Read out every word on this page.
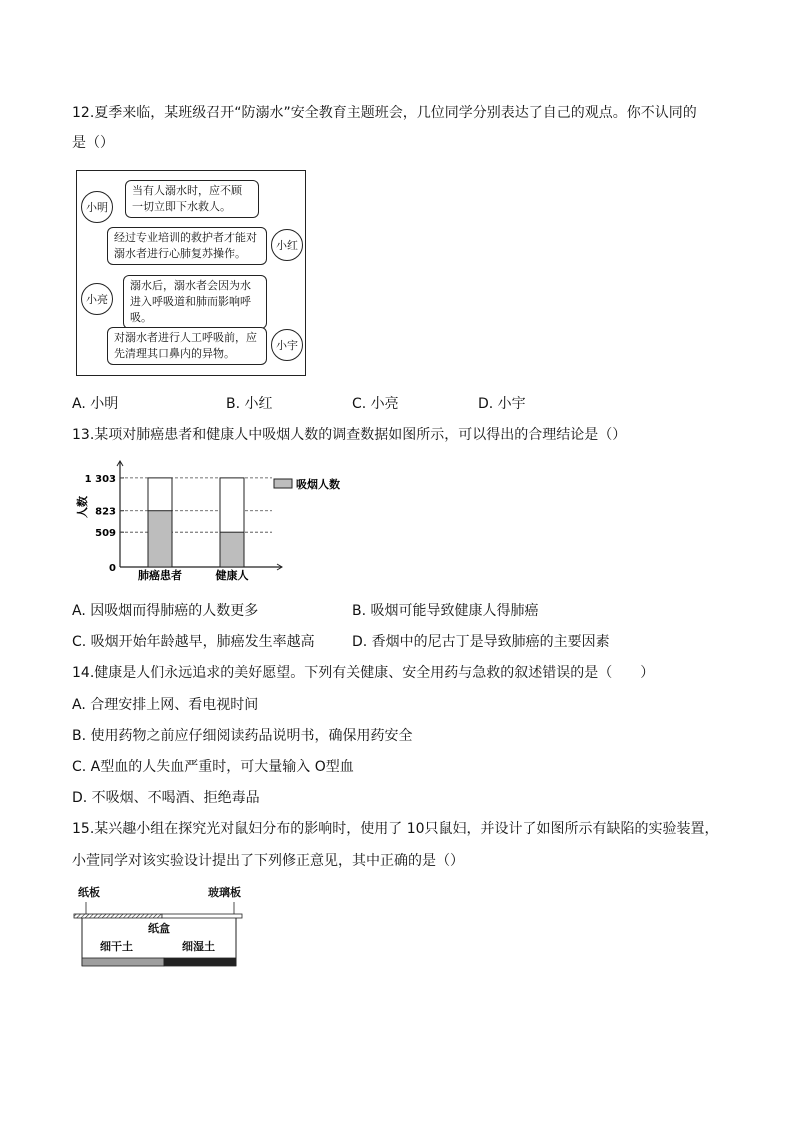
12.夏季来临，某班级召开“防溺水”安全教育主题班会，几位同学分别表达了自己的观点。你不认同的
是（）
小明
当有人溺水时，应不顾一切立即下水救人。
小红
经过专业培训的救护者才能对溺水者进行心肺复苏操作。
小亮
溺水后，溺水者会因为水进入呼吸道和肺而影响呼吸。
小宇
对溺水者进行人工呼吸前，应先清理其口鼻内的异物。
A. 小明	B. 小红	C. 小亮	D. 小宇
13.某项对肺癌患者和健康人中吸烟人数的调查数据如图所示，可以得出的合理结论是（）
人数
0
509
823
1 303
肺癌患者	健康人
吸烟人数
A. 因吸烟而得肺癌的人数更多	B. 吸烟可能导致健康人得肺癌
C. 吸烟开始年龄越早，肺癌发生率越高	D. 香烟中的尼古丁是导致肺癌的主要因素
14.健康是人们永远追求的美好愿望。下列有关健康、安全用药与急救的叙述错误的是（　　）
A. 合理安排上网、看电视时间
B. 使用药物之前应仔细阅读药品说明书，确保用药安全
C. A型血的人失血严重时，可大量输入 O型血
D. 不吸烟、不喝酒、拒绝毒品
15.某兴趣小组在探究光对鼠妇分布的影响时，使用了 10只鼠妇，并设计了如图所示有缺陷的实验装置，
小萱同学对该实验设计提出了下列修正意见，其中正确的是（）
纸板	玻璃板
纸盒
细干土	细湿土
